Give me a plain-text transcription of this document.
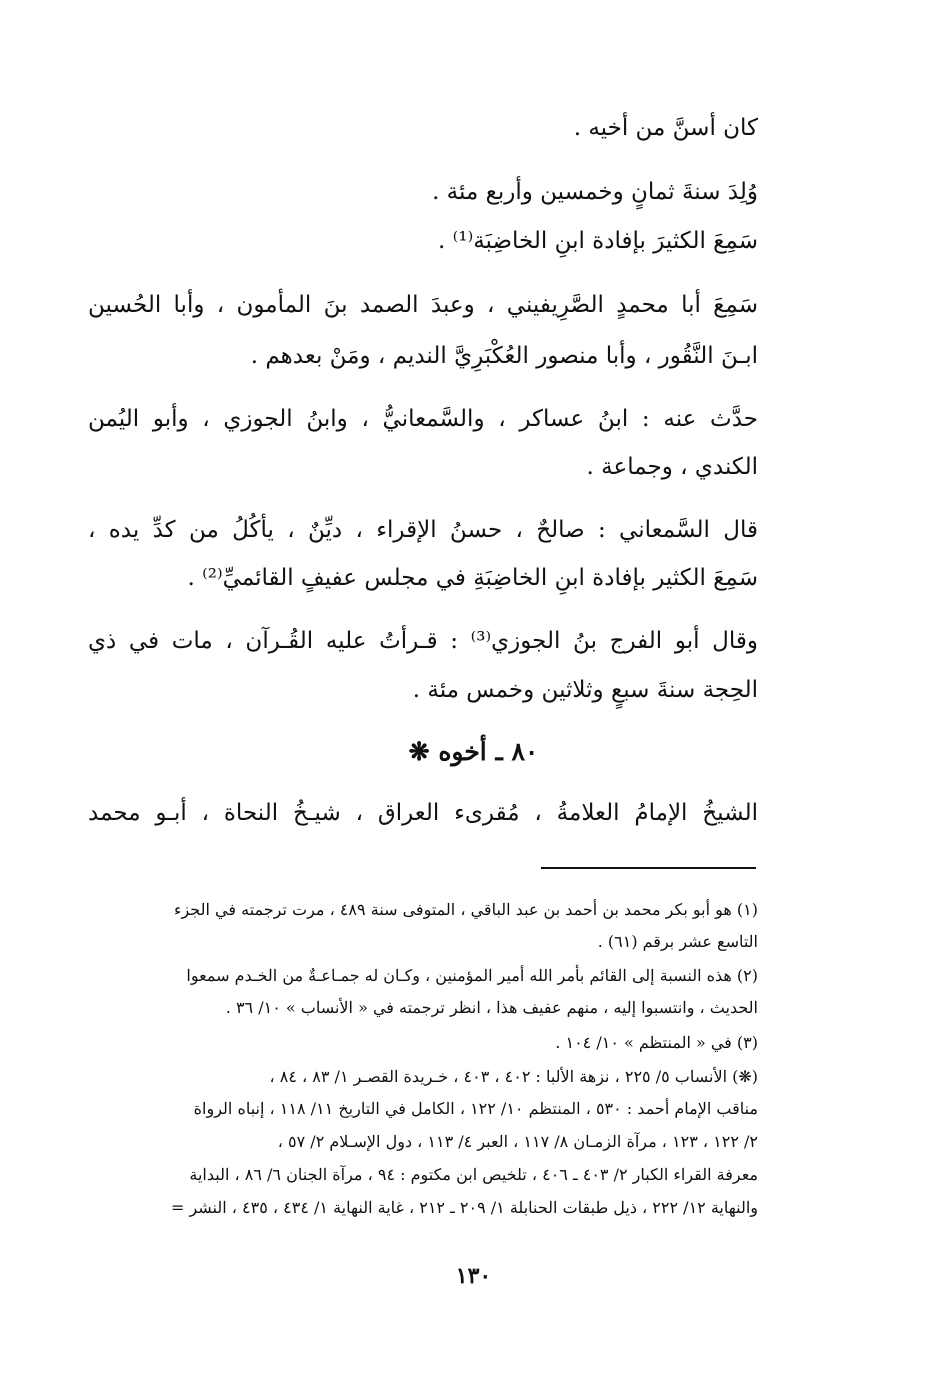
كان أسنَّ من أخيه .
وُلِدَ سنةَ ثمانٍ وخمسين وأربع مئة .
سَمِعَ الكثيرَ بإفادة ابنِ الخاضِبَة⁽¹⁾ .
سَمِعَ أبا محمدٍ الصَّرِيفيني ، وعبدَ الصمد بنَ المأمون ، وأبا الحُسين
ابـنَ النَّقُور ، وأبا منصور العُكْبَرِيَّ النديم ، ومَنْ بعدهم .
حدَّث عنه : ابنُ عساكر ، والسَّمعانيُّ ، وابنُ الجوزي ، وأبو اليُمن
الكندي ، وجماعة .
قال السَّمعاني : صالحٌ ، حسنُ الإقراء ، ديِّنٌ ، يأكُلُ من كدِّ يده ،
سَمِعَ الكثير بإفادة ابنِ الخاضِبَةِ في مجلس عفيفٍ القائميِّ⁽²⁾ .
وقال أبو الفرج بنُ الجوزي⁽³⁾ : قـرأتُ عليه القُـرآن ، مات في ذي
الحِجة سنةَ سبعٍ وثلاثين وخمس مئة .
٨٠ ـ أخوه ❋
الشيخُ الإمامُ العلامةُ ، مُقرىء العراق ، شيـخُ النحاة ، أبـو محمد
(١) هو أبو بكر محمد بن أحمد بن عبد الباقي ، المتوفى سنة ٤٨٩ ، مرت ترجمته في الجزء
التاسع عشر برقم (٦١) .
(٢) هذه النسبة إلى القائم بأمر الله أمير المؤمنين ، وكـان له جمـاعـةٌ من الخـدم سمعوا
الحديث ، وانتسبوا إليه ، منهم عفيف هذا ، انظر ترجمته في « الأنساب » ١٠/ ٣٦ .
(٣) في « المنتظم » ١٠/ ١٠٤ .
(❋) الأنساب ٥/ ٢٢٥ ، نزهة الألبا : ٤٠٢ ، ٤٠٣ ، خـريدة القصـر ١/ ٨٣ ، ٨٤ ،
مناقب الإمام أحمد : ٥٣٠ ، المنتظم ١٠/ ١٢٢ ، الكامل في التاريخ ١١/ ١١٨ ، إنباه الرواة
٢/ ١٢٢ ، ١٢٣ ، مرآة الزمـان ٨/ ١١٧ ، العبر ٤/ ١١٣ ، دول الإسـلام ٢/ ٥٧ ،
معرفة القراء الكبار ٢/ ٤٠٣ ـ ٤٠٦ ، تلخيص ابن مكتوم : ٩٤ ، مرآة الجنان ٦/ ٨٦ ، البداية
والنهاية ١٢/ ٢٢٢ ، ذيل طبقات الحنابلة ١/ ٢٠٩ ـ ٢١٢ ، غاية النهاية ١/ ٤٣٤ ، ٤٣٥ ، النشر =
١٣٠
